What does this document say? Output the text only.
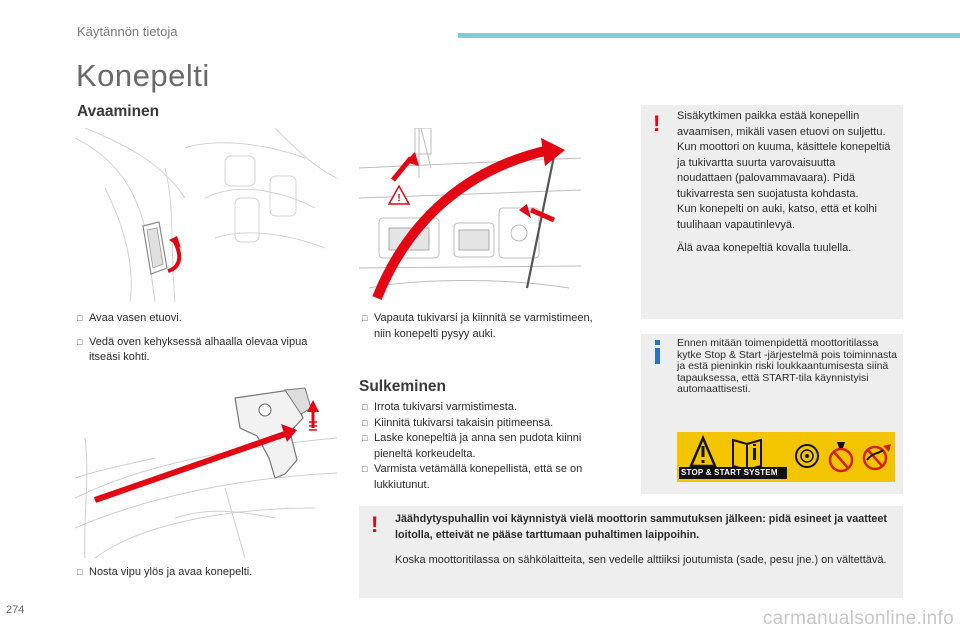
Käytännön tietoja
Konepelti
Avaaminen
!
□ Avaa vasen etuovi.
□ Vedä oven kehyksessä alhaalla olevaa vipua itseäsi kohti.
□ Vapauta tukivarsi ja kiinnitä se varmistimeen, niin konepelti pysyy auki.
□ Nosta vipu ylös ja avaa konepelti.
Sulkeminen
□ Irrota tukivarsi varmistimesta.
□ Kiinnitä tukivarsi takaisin pitimeensä.
□ Laske konepeltiä ja anna sen pudota kiinni pieneltä korkeudelta.
□ Varmista vetämällä konepellistä, että se on lukkiutunut.
! Sisäkytkimen paikka estää konepellin avaamisen, mikäli vasen etuovi on suljettu.
Kun moottori on kuuma, käsittele konepeltiä ja tukivartta suurta varovaisuutta noudattaen (palovammavaara). Pidä tukivarresta sen suojatusta kohdasta.
Kun konepelti on auki, katso, että et kolhi tuulihaan vapautinlevyä.
Älä avaa konepeltiä kovalla tuulella.
Ennen mitään toimenpidettä moottoritilassa kytke Stop & Start -järjestelmä pois toiminnasta ja estä pieninkin riski loukkaantumisesta siinä tapauksessa, että START-tila käynnistyisi automaattisesti.
STOP & START SYSTEM
! Jäähdytyspuhallin voi käynnistyä vielä moottorin sammutuksen jälkeen: pidä esineet ja vaatteet loitolla, etteivät ne pääse tarttumaan puhaltimen laippoihin.
Koska moottoritilassa on sähkölaitteita, sen vedelle alttiiksi joutumista (sade, pesu jne.) on vältettävä.
274	carmanualsonline.info
